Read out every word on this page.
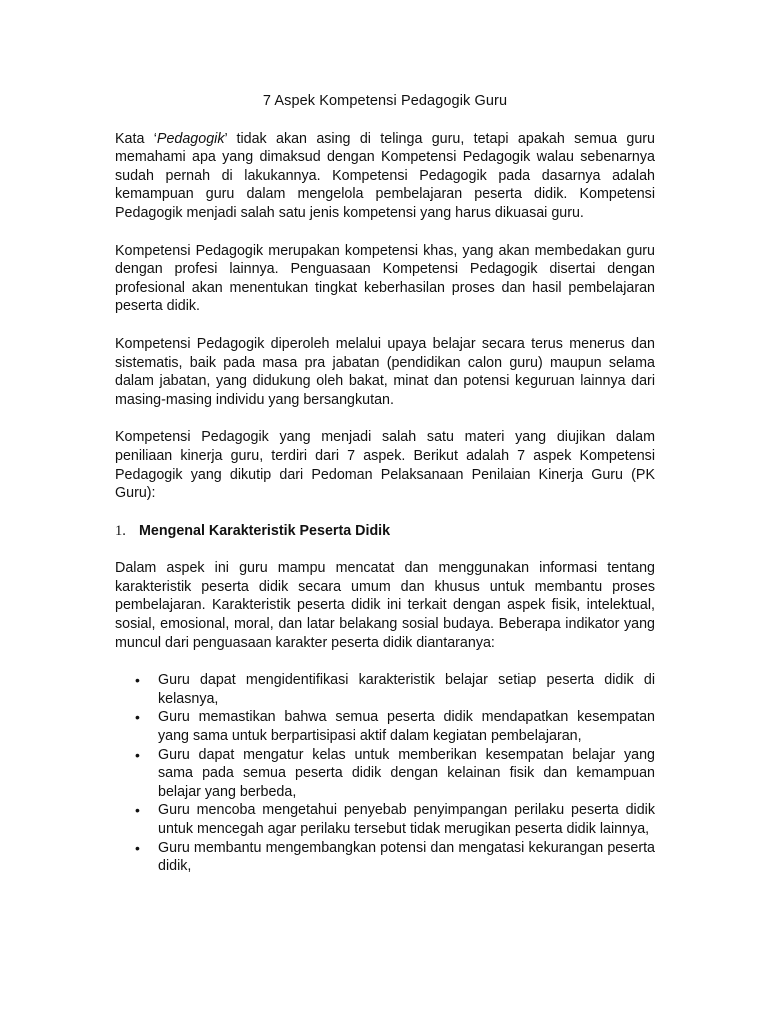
7 Aspek Kompetensi Pedagogik Guru

Kata ‘Pedagogik’ tidak akan asing di telinga guru, tetapi apakah semua guru memahami apa yang dimaksud dengan Kompetensi Pedagogik walau sebenarnya sudah pernah di lakukannya. Kompetensi Pedagogik pada dasarnya adalah kemampuan guru dalam mengelola pembelajaran peserta didik. Kompetensi Pedagogik menjadi salah satu jenis kompetensi yang harus dikuasai guru.

Kompetensi Pedagogik merupakan kompetensi khas, yang akan membedakan guru dengan profesi lainnya. Penguasaan Kompetensi Pedagogik disertai dengan profesional akan menentukan tingkat keberhasilan proses dan hasil pembelajaran peserta didik.

Kompetensi Pedagogik diperoleh melalui upaya belajar secara terus menerus dan sistematis, baik pada masa pra jabatan (pendidikan calon guru) maupun selama dalam jabatan, yang didukung oleh bakat, minat dan potensi keguruan lainnya dari masing-masing individu yang bersangkutan.

Kompetensi Pedagogik yang menjadi salah satu materi yang diujikan dalam peniliaan kinerja guru, terdiri dari 7 aspek. Berikut adalah 7 aspek Kompetensi Pedagogik yang dikutip dari Pedoman Pelaksanaan Penilaian Kinerja Guru (PK Guru):

1. Mengenal Karakteristik Peserta Didik

Dalam aspek ini guru mampu mencatat dan menggunakan informasi tentang karakteristik peserta didik secara umum dan khusus untuk membantu proses pembelajaran. Karakteristik peserta didik ini terkait dengan aspek fisik, intelektual, sosial, emosional, moral, dan latar belakang sosial budaya. Beberapa indikator yang muncul dari penguasaan karakter peserta didik diantaranya:

• Guru dapat mengidentifikasi karakteristik belajar setiap peserta didik di kelasnya,
• Guru memastikan bahwa semua peserta didik mendapatkan kesempatan yang sama untuk berpartisipasi aktif dalam kegiatan pembelajaran,
• Guru dapat mengatur kelas untuk memberikan kesempatan belajar yang sama pada semua peserta didik dengan kelainan fisik dan kemampuan belajar yang berbeda,
• Guru mencoba mengetahui penyebab penyimpangan perilaku peserta didik untuk mencegah agar perilaku tersebut tidak merugikan peserta didik lainnya,
• Guru membantu mengembangkan potensi dan mengatasi kekurangan peserta didik,
